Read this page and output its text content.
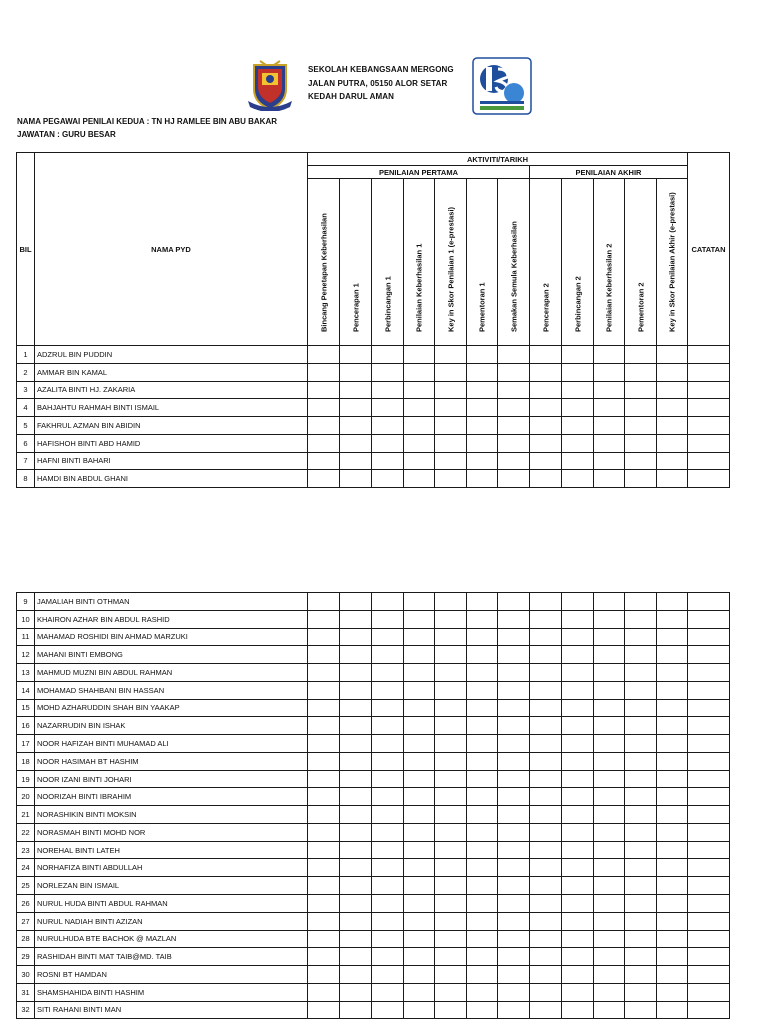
SEKOLAH KEBANGSAAN MERGONG
JALAN PUTRA, 05150 ALOR SETAR
KEDAH DARUL AMAN
NAMA PEGAWAI PENILAI KEDUA : TN HJ RAMLEE BIN ABU BAKAR
JAWATAN : GURU BESAR
BIL	NAMA PYD	AKTIVITI/TARIKH												CATATAN
		PENILAIAN PERTAMA							PENILAIAN AKHIR					

		Bincang Penetapan Keberhasilan	Pencerapan 1	Perbincangan 1	Penilaian Keberhasilan 1	Key in Skor Penilaian 1 (e-prestasi)	Pementoran 1	Semakan Semula Keberhasilan	Pencerapan 2	Perbincangan 2	Penilaian Keberhasilan 2	Pementoran 2	Key in Skor Penilaian Akhir (e-prestasi)	

1	ADZRUL BIN PUDDIN													
2	AMMAR BIN KAMAL													
3	AZALITA BINTI HJ. ZAKARIA													
4	BAHJAHTU RAHMAH BINTI ISMAIL													
5	FAKHRUL AZMAN BIN ABIDIN													
6	HAFISHOH BINTI ABD HAMID													
7	HAFNI BINTI BAHARI													
8	HAMDI BIN ABDUL GHANI													
9	JAMALIAH BINTI OTHMAN													
10	KHAIRON AZHAR BIN ABDUL RASHID													
11	MAHAMAD ROSHIDI BIN AHMAD MARZUKI													
12	MAHANI BINTI EMBONG													
13	MAHMUD MUZNI BIN ABDUL RAHMAN													
14	MOHAMAD SHAHBANI BIN HASSAN													
15	MOHD AZHARUDDIN SHAH BIN YAAKAP													
16	NAZARRUDIN BIN ISHAK													
17	NOOR HAFIZAH BINTI MUHAMAD ALI													
18	NOOR HASIMAH BT HASHIM													
19	NOOR IZANI BINTI JOHARI													
20	NOORIZAH BINTI IBRAHIM													
21	NORASHIKIN BINTI MOKSIN													
22	NORASMAH BINTI MOHD NOR													
23	NOREHAL BINTI LATEH													
24	NORHAFIZA BINTI ABDULLAH													
25	NORLEZAN BIN ISMAIL													
26	NURUL HUDA BINTI ABDUL RAHMAN													
27	NURUL NADIAH BINTI AZIZAN													
28	NURULHUDA BTE BACHOK @ MAZLAN													
29	RASHIDAH BINTI MAT TAIB@MD. TAIB													
30	ROSNI BT HAMDAN													
31	SHAMSHAHIDA BINTI HASHIM													
32	SITI RAHANI BINTI MAN													
